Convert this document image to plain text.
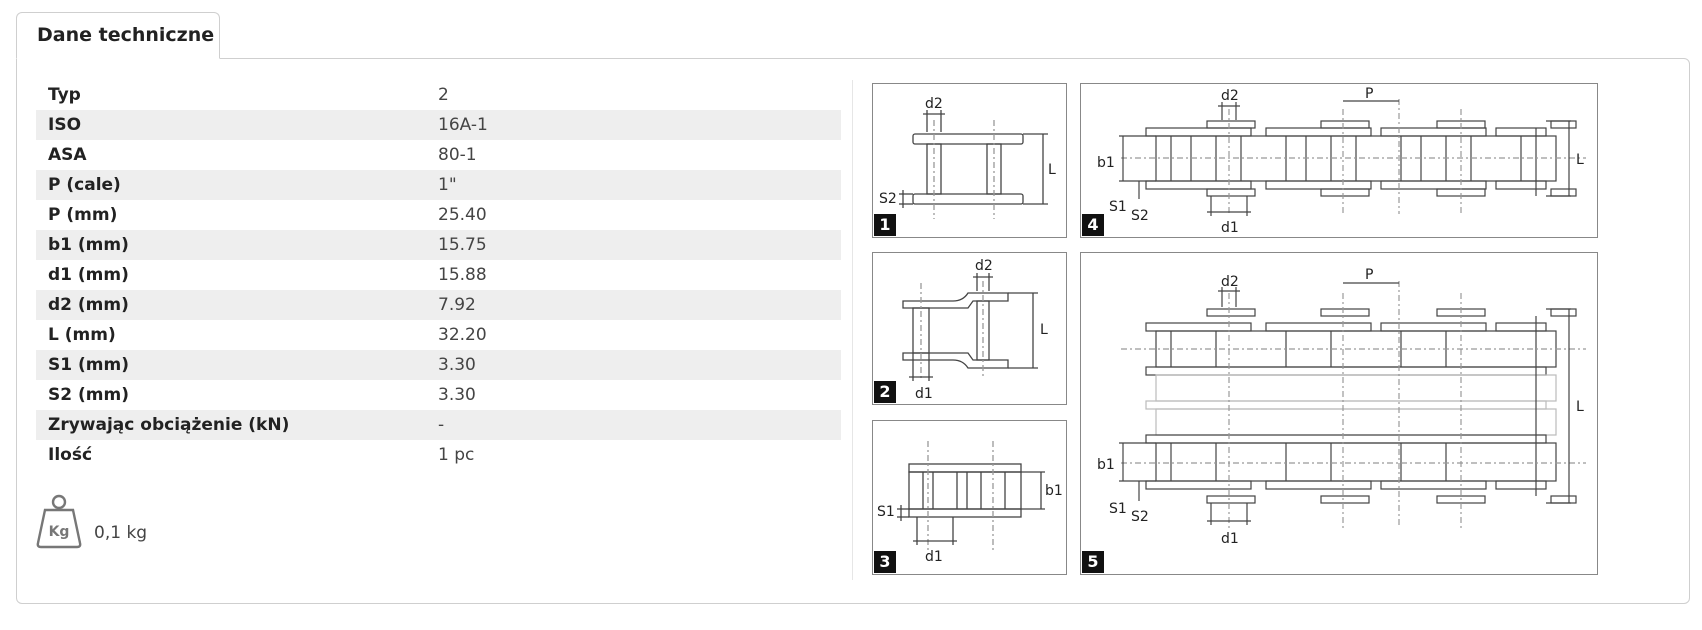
Dane techniczne
Typ	2
ISO	16A-1
ASA	80-1
P (cale)	1"
P (mm)	25.40
b1 (mm)	15.75
d1 (mm)	15.88
d2 (mm)	7.92
L (mm)	32.20
S1 (mm)	3.30
S2 (mm)	3.30
Zrywając obciążenie (kN)	-
Ilość	1 pc
Kg 0,1 kg
d2
L
S2
1
d2
L
d1
2
b1
S1
d1
3
d2	P
b1	L
S1
S2
d1
4
d2	P
b1
L
S1 S2
d1
5
